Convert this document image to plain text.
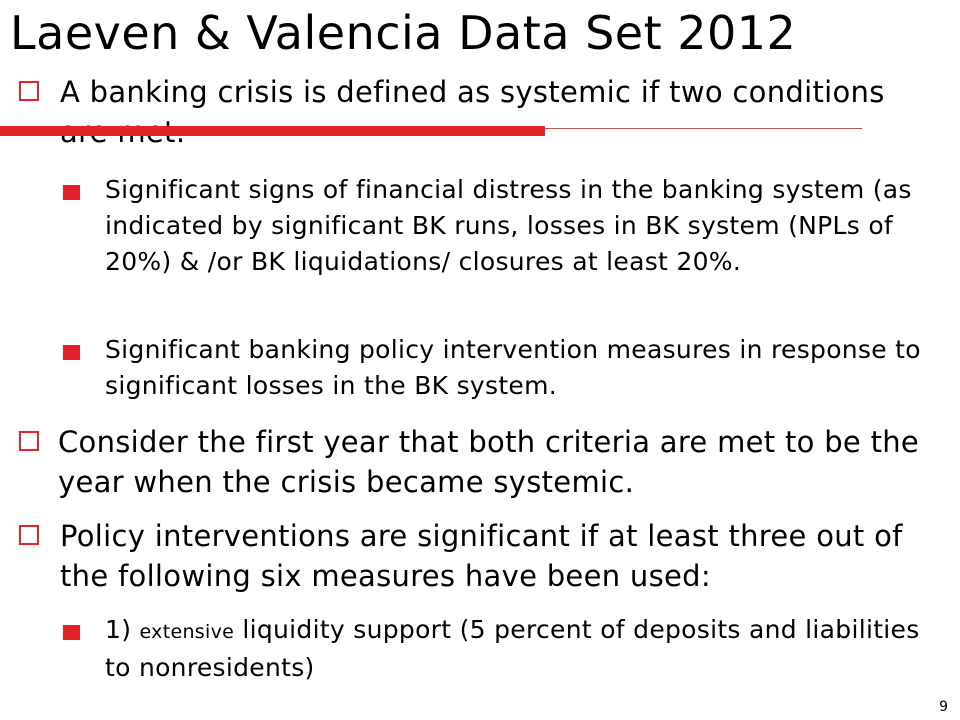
Laeven & Valencia Data Set 2012
A banking crisis is defined as systemic if two conditions
Significant signs of financial distress in the banking system (as indicated by significant BK runs, losses in BK system (NPLs of 20%) & /or BK liquidations/ closures at least 20%.
Significant banking policy intervention measures in response to significant losses in the BK system.
Consider the first year that both criteria are met to be the year when the crisis became systemic.
Policy interventions are significant if at least three out of the following six measures have been used:
1) extensive liquidity support (5 percent of deposits and liabilities to nonresidents)
9
